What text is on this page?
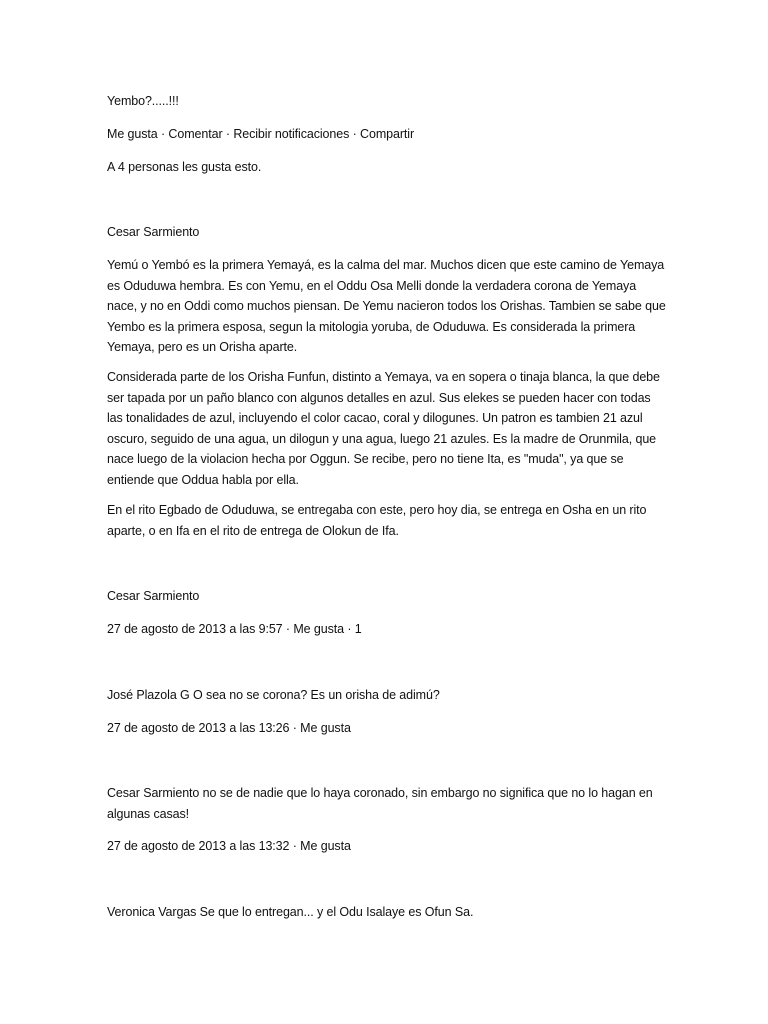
Yembo?.....!!!

Me gusta · Comentar · Recibir notificaciones · Compartir

A 4 personas les gusta esto.

Cesar Sarmiento

Yemú o Yembó es la primera Yemayá, es la calma del mar. Muchos dicen que este camino de Yemaya es Oduduwa hembra. Es con Yemu, en el Oddu Osa Melli donde la verdadera corona de Yemaya nace, y no en Oddi como muchos piensan. De Yemu nacieron todos los Orishas. Tambien se sabe que Yembo es la primera esposa, segun la mitologia yoruba, de Oduduwa. Es considerada la primera Yemaya, pero es un Orisha aparte.

Considerada parte de los Orisha Funfun, distinto a Yemaya, va en sopera o tinaja blanca, la que debe ser tapada por un paño blanco con algunos detalles en azul. Sus elekes se pueden hacer con todas las tonalidades de azul, incluyendo el color cacao, coral y dilogunes. Un patron es tambien 21 azul oscuro, seguido de una agua, un dilogun y una agua, luego 21 azules. Es la madre de Orunmila, que nace luego de la violacion hecha por Oggun. Se recibe, pero no tiene Ita, es "muda", ya que se entiende que Oddua habla por ella.

En el rito Egbado de Oduduwa, se entregaba con este, pero hoy dia, se entrega en Osha en un rito aparte, o en Ifa en el rito de entrega de Olokun de Ifa.

Cesar Sarmiento

27 de agosto de 2013 a las 9:57 · Me gusta · 1

José Plazola G O sea no se corona? Es un orisha de adimú?

27 de agosto de 2013 a las 13:26 · Me gusta

Cesar Sarmiento no se de nadie que lo haya coronado, sin embargo no significa que no lo hagan en algunas casas!

27 de agosto de 2013 a las 13:32 · Me gusta

Veronica Vargas Se que lo entregan... y el Odu Isalaye es Ofun Sa.
